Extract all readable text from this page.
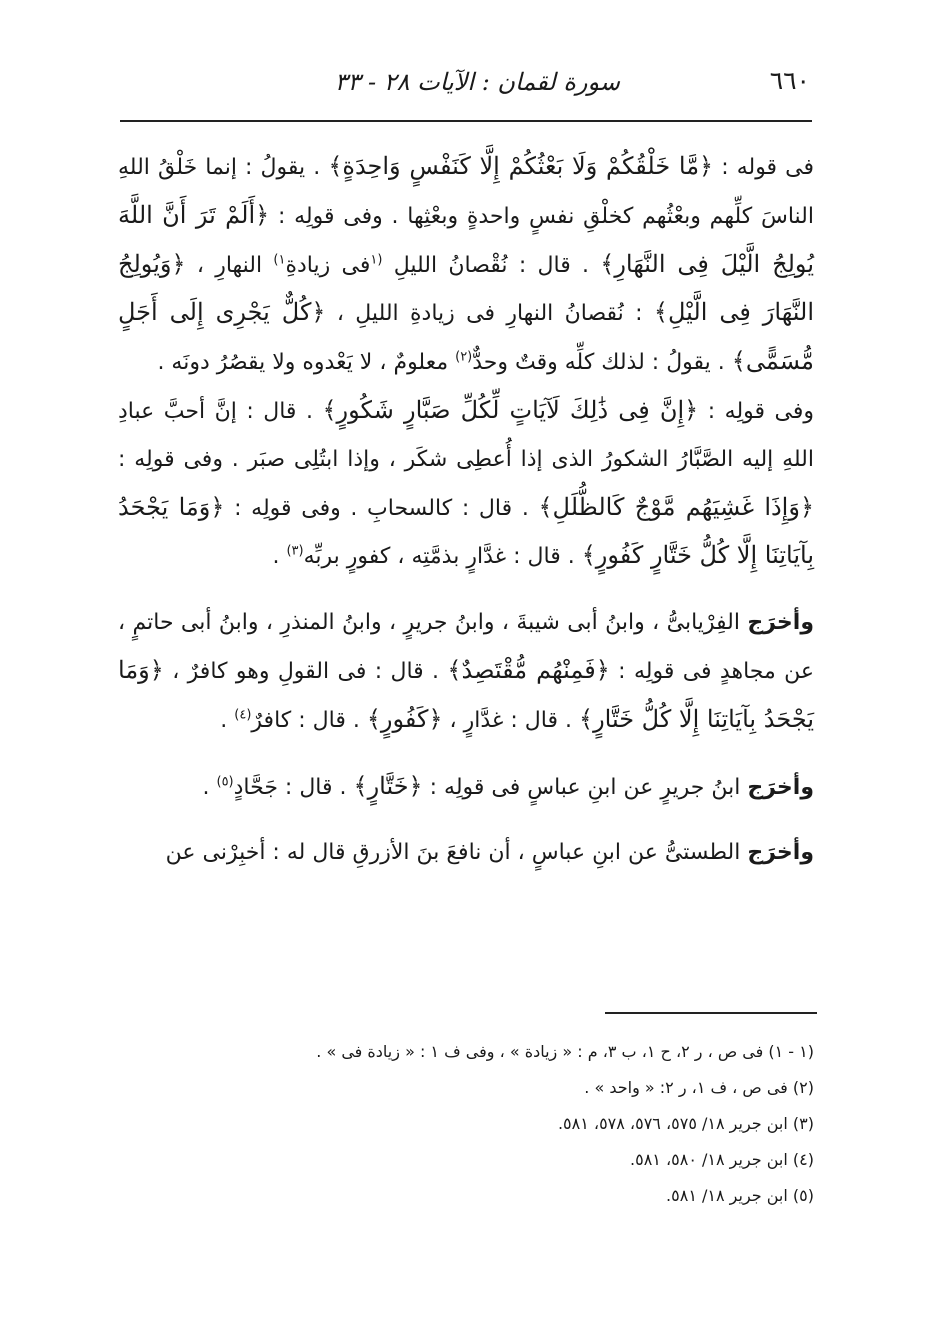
٦٦٠
سورة لقمان : الآيات ٢٨ - ٣٣

فى قوله : ﴿مَّا خَلْقُكُمْ وَلَا بَعْثُكُمْ إِلَّا كَنَفْسٍ وَاحِدَةٍ﴾ . يقولُ : إنما خَلْقُ اللهِ الناسَ كلِّهم وبعْثُهم كخلْقِ نفسٍ واحدةٍ وبعْثِها . وفى قولِه : ﴿أَلَمْ تَرَ أَنَّ اللَّهَ يُولِجُ الَّيْلَ فِى النَّهَارِ﴾ . قال : نُقْصانُ الليلِ $^{(١}$فى زيادةِ$^{١)}$ النهارِ ، ﴿وَيُولِجُ النَّهَارَ فِى الَّيْلِ﴾ : نُقصانُ النهارِ فى زيادةِ الليلِ ، ﴿كُلٌّ يَجْرِى إِلَى أَجَلٍ مُّسَمًّى﴾ . يقولُ : لذلك كلِّه وقتٌ وحدٌّ$^{(٢)}$ معلومٌ ، لا يَعْدوه ولا يقصُرُ دونَه .

وفى قولِه : ﴿إِنَّ فِى ذَٰلِكَ لَآيَاتٍ لِّكُلِّ صَبَّارٍ شَكُورٍ﴾ . قال : إنَّ أحبَّ عبادِ اللهِ إليه الصَّبَّارُ الشكورُ الذى إذا أُعطِى شكَر ، وإذا ابتُلِى صبَر . وفى قولِه : ﴿وَإِذَا غَشِيَهُم مَّوْجٌ كَالظُّلَلِ﴾ . قال : كالسحابِ . وفى قولِه : ﴿وَمَا يَجْحَدُ بِآيَاتِنَا إِلَّا كُلُّ خَتَّارٍ كَفُورٍ﴾ . قال : غدَّارٍ بذمَّتِه ، كفورٍ بربِّه$^{(٣)}$ .

وأخرَج الفِرْيابىُّ ، وابنُ أبى شيبةَ ، وابنُ جريرٍ ، وابنُ المنذرِ ، وابنُ أبى حاتمٍ ، عن مجاهدٍ فى قولِه : ﴿فَمِنْهُم مُّقْتَصِدٌ﴾ . قال : فى القولِ وهو كافرٌ ، ﴿وَمَا يَجْحَدُ بِآيَاتِنَا إِلَّا كُلُّ خَتَّارٍ﴾ . قال : غدَّارٍ ، ﴿كَفُورٍ﴾ . قال : كافرٌ$^{(٤)}$ .

وأخرَج ابنُ جريرٍ عن ابنِ عباسٍ فى قولِه : ﴿خَتَّارٍ﴾ . قال : جَحَّادٍ$^{(٥)}$ .

وأخرَج الطستىُّ عن ابنِ عباسٍ ، أن نافعَ بنَ الأزرقِ قال له : أخبِرْنى عن

(١ - ١) فى ص ، ر ٢، ح ١، ب ٣، م : « زيادة » ، وفى ف ١ : « زيادة فى » .
(٢) فى ص ، ف ١، ر ٢: « واحد » .
(٣) ابن جرير ١٨/ ٥٧٥، ٥٧٦، ٥٧٨، ٥٨١.
(٤) ابن جرير ١٨/ ٥٨٠، ٥٨١.
(٥) ابن جرير ١٨/ ٥٨١.
